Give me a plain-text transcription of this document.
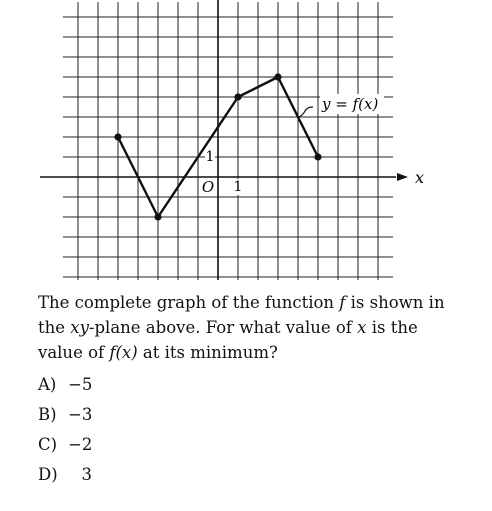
x
O 1
1
y = f(x)

The complete graph of the function f is shown in the xy-plane above. For what value of x is the value of f(x) at its minimum?

A) −5
B) −3
C) −2
D) 3
